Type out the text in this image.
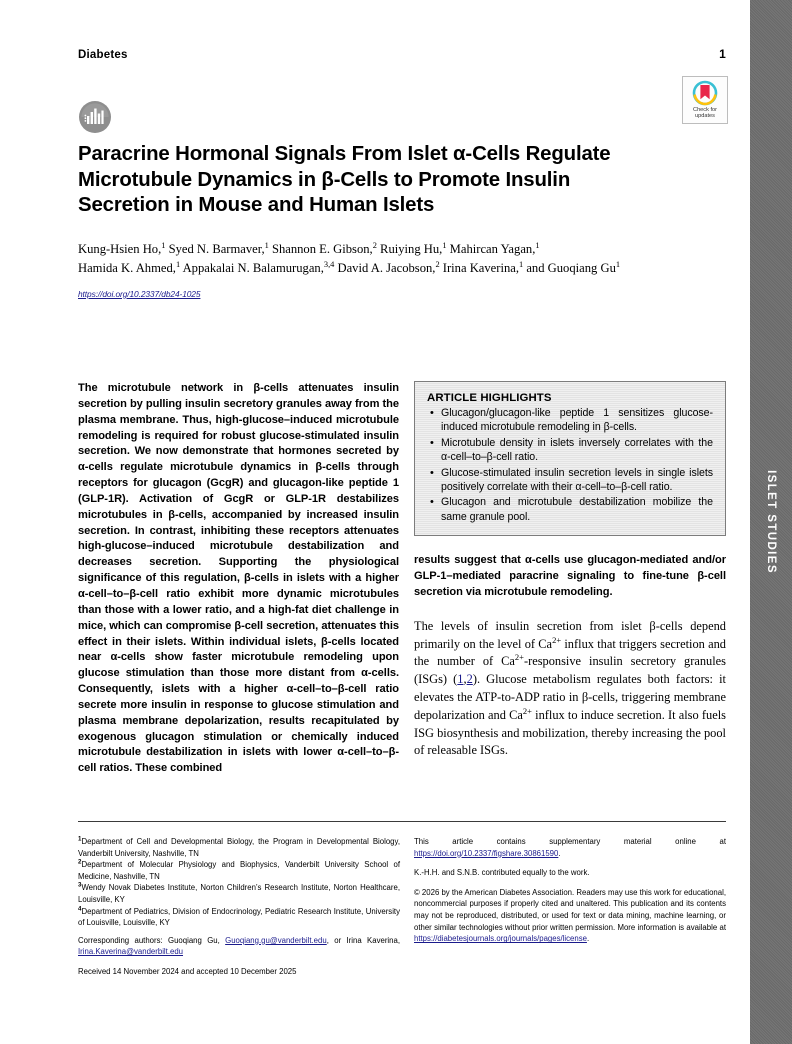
Diabetes	1
Check for
updates
Paracrine Hormonal Signals From Islet α-Cells Regulate
Microtubule Dynamics in β-Cells to Promote Insulin
Secretion in Mouse and Human Islets
Kung-Hsien Ho,$^1$ Syed N. Barmaver,$^1$ Shannon E. Gibson,$^2$ Ruiying Hu,$^1$ Mahircan Yagan,$^1$
Hamida K. Ahmed,$^1$ Appakalai N. Balamurugan,$^{3,4}$ David A. Jacobson,$^2$ Irina Kaverina,$^1$ and Guoqiang Gu$^1$
https://doi.org/10.2337/db24-1025
The microtubule network in β-cells attenuates insulin secretion by pulling insulin secretory granules away from the plasma membrane. Thus, high-glucose–induced microtubule remodeling is required for robust glucose-stimulated insulin secretion. We now demonstrate that hormones secreted by α-cells regulate microtubule dynamics in β-cells through receptors for glucagon (GcgR) and glucagon-like peptide 1 (GLP-1R). Activation of GcgR or GLP-1R destabilizes microtubules in β-cells, accompanied by increased insulin secretion. In contrast, inhibiting these receptors attenuates high-glucose–induced microtubule destabilization and decreases secretion. Supporting the physiological significance of this regulation, β-cells in islets with a higher α-cell–to–β-cell ratio exhibit more dynamic microtubules than those with a lower ratio, and a high-fat diet challenge in mice, which can compromise β-cell secretion, attenuates this effect in their islets. Within individual islets, β-cells located near α-cells show faster microtubule remodeling upon glucose stimulation than those more distant from α-cells. Consequently, islets with a higher α-cell–to–β-cell ratio secrete more insulin in response to glucose stimulation and plasma membrane depolarization, results recapitulated by exogenous glucagon stimulation or chemically induced microtubule destabilization in islets with lower α-cell–to–β-cell ratios. These combined
ARTICLE HIGHLIGHTS
• Glucagon/glucagon-like peptide 1 sensitizes glucose-induced microtubule remodeling in β-cells.
• Microtubule density in islets inversely correlates with the α-cell–to–β-cell ratio.
• Glucose-stimulated insulin secretion levels in single islets positively correlate with their α-cell–to–β-cell ratio.
• Glucagon and microtubule destabilization mobilize the same granule pool.
results suggest that α-cells use glucagon-mediated and/or GLP-1–mediated paracrine signaling to fine-tune β-cell secretion via microtubule remodeling.
The levels of insulin secretion from islet β-cells depend primarily on the level of $Ca^{2+}$ influx that triggers secretion and the number of $Ca^{2+}$-responsive insulin secretory granules (ISGs) (1,2). Glucose metabolism regulates both factors: it elevates the ATP-to-ADP ratio in β-cells, triggering membrane depolarization and $Ca^{2+}$ influx to induce secretion. It also fuels ISG biosynthesis and mobilization, thereby increasing the pool of releasable ISGs.
$^1$Department of Cell and Developmental Biology, the Program in Developmental Biology, Vanderbilt University, Nashville, TN
$^2$Department of Molecular Physiology and Biophysics, Vanderbilt University School of Medicine, Nashville, TN
$^3$Wendy Novak Diabetes Institute, Norton Children’s Research Institute, Norton Healthcare, Louisville, KY
$^4$Department of Pediatrics, Division of Endocrinology, Pediatric Research Institute, University of Louisville, Louisville, KY

Corresponding authors: Guoqiang Gu, Guoqiang.gu@vanderbilt.edu, or Irina Kaverina, Irina.Kaverina@vanderbilt.edu

Received 14 November 2024 and accepted 10 December 2025

This article contains supplementary material online at https://doi.org/10.2337/figshare.30861590.

K.-H.H. and S.N.B. contributed equally to the work.

© 2026 by the American Diabetes Association. Readers may use this work for educational, noncommercial purposes if properly cited and unaltered. This publication and its contents may not be reproduced, distributed, or used for text or data mining, machine learning, or other similar technologies without prior written permission. More information is available at https://diabetesjournals.org/journals/pages/license.

ISLET STUDIES
